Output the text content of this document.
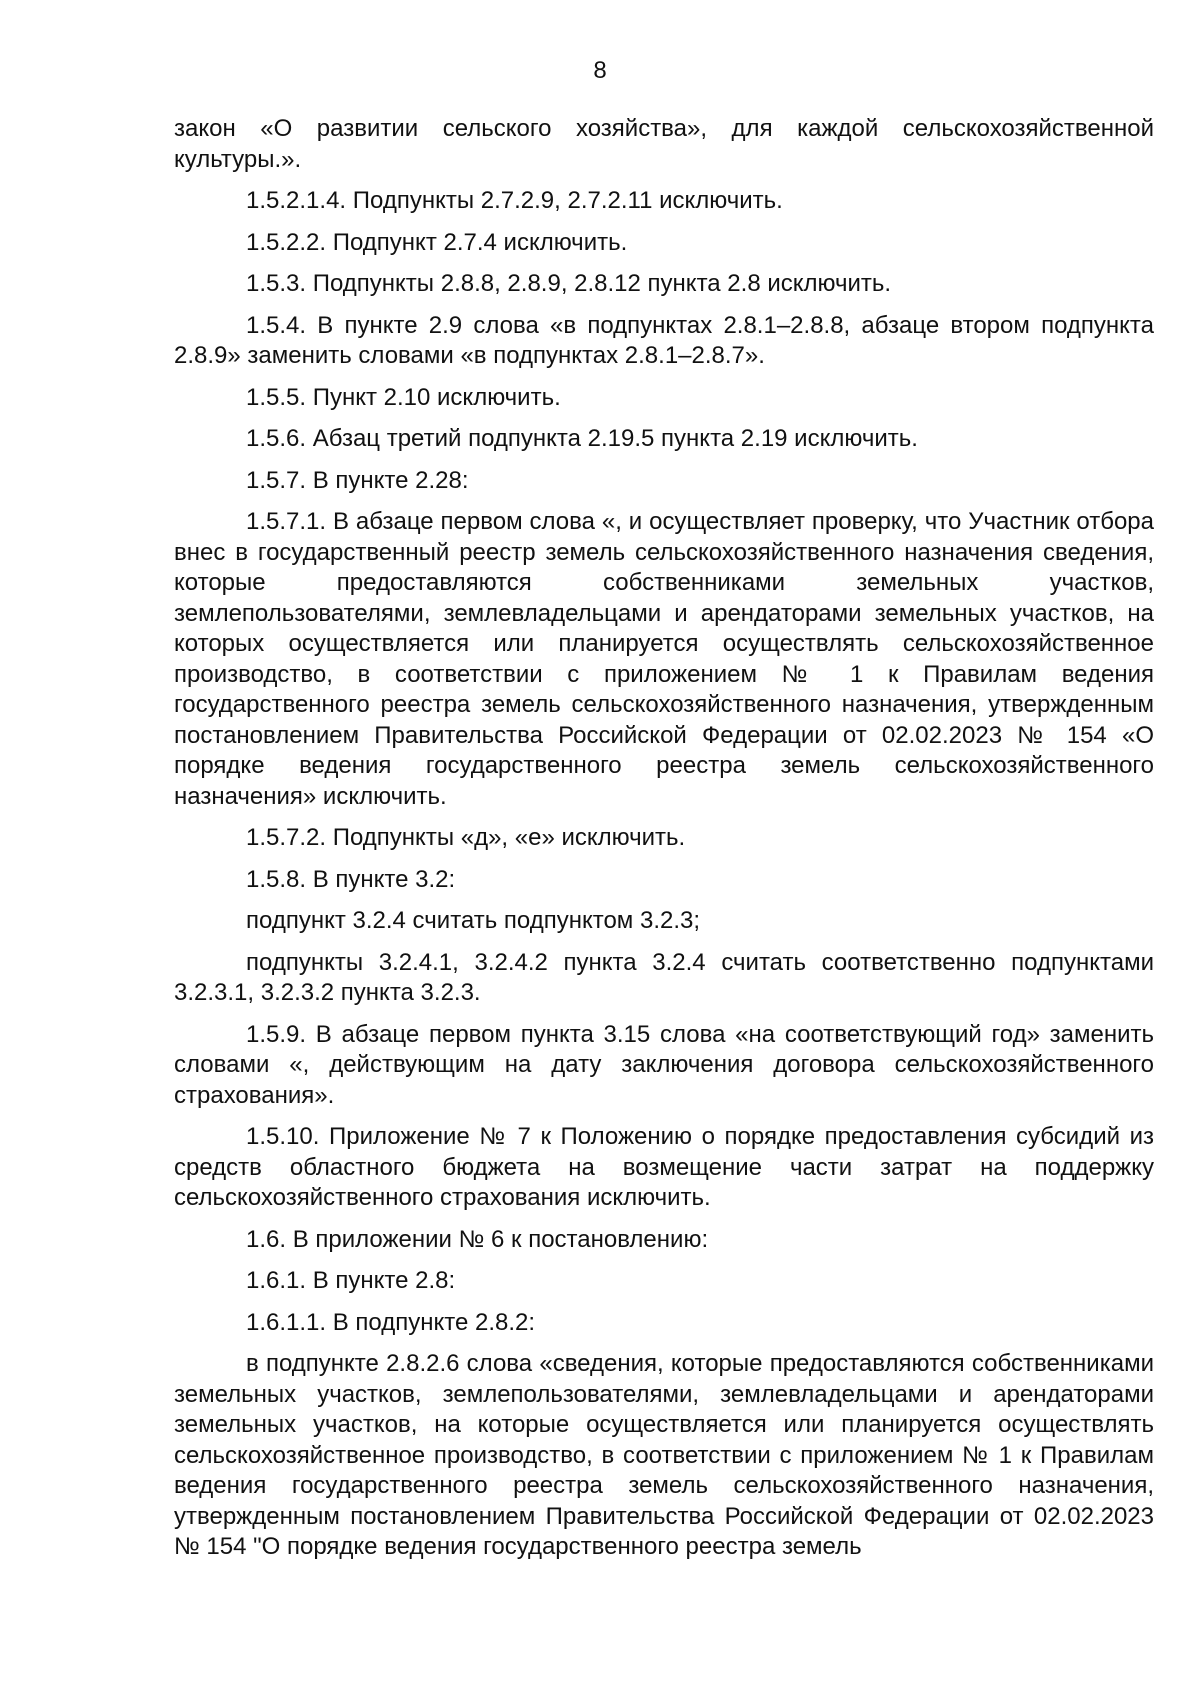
8

закон «О развитии сельского хозяйства», для каждой сельскохозяйственной культуры.».

1.5.2.1.4. Подпункты 2.7.2.9, 2.7.2.11 исключить.

1.5.2.2. Подпункт 2.7.4 исключить.

1.5.3. Подпункты 2.8.8, 2.8.9, 2.8.12 пункта 2.8 исключить.

1.5.4. В пункте 2.9 слова «в подпунктах 2.8.1–2.8.8, абзаце втором подпункта 2.8.9» заменить словами «в подпунктах 2.8.1–2.8.7».

1.5.5. Пункт 2.10 исключить.

1.5.6. Абзац третий подпункта 2.19.5 пункта 2.19 исключить.

1.5.7. В пункте 2.28:

1.5.7.1. В абзаце первом слова «, и осуществляет проверку, что Участник отбора внес в государственный реестр земель сельскохозяйственного назначения сведения, которые предоставляются собственниками земельных участков, землепользователями, землевладельцами и арендаторами земельных участков, на которых осуществляется или планируется осуществлять сельскохозяйственное производство, в соответствии с приложением № 1 к Правилам ведения государственного реестра земель сельскохозяйственного назначения, утвержденным постановлением Правительства Российской Федерации от 02.02.2023 № 154 «О порядке ведения государственного реестра земель сельскохозяйственного назначения» исключить.

1.5.7.2. Подпункты «д», «е» исключить.

1.5.8. В пункте 3.2:

подпункт 3.2.4 считать подпунктом 3.2.3;

подпункты 3.2.4.1, 3.2.4.2 пункта 3.2.4 считать соответственно подпунктами 3.2.3.1, 3.2.3.2 пункта 3.2.3.

1.5.9. В абзаце первом пункта 3.15 слова «на соответствующий год» заменить словами «, действующим на дату заключения договора сельскохозяйственного страхования».

1.5.10. Приложение № 7 к Положению о порядке предоставления субсидий из средств областного бюджета на возмещение части затрат на поддержку сельскохозяйственного страхования исключить.

1.6. В приложении № 6 к постановлению:

1.6.1. В пункте 2.8:

1.6.1.1. В подпункте 2.8.2:

в подпункте 2.8.2.6 слова «сведения, которые предоставляются собственниками земельных участков, землепользователями, землевладельцами и арендаторами земельных участков, на которые осуществляется или планируется осуществлять сельскохозяйственное производство, в соответствии с приложением № 1 к Правилам ведения государственного реестра земель сельскохозяйственного назначения, утвержденным постановлением Правительства Российской Федерации от 02.02.2023 № 154 "О порядке ведения государственного реестра земель
